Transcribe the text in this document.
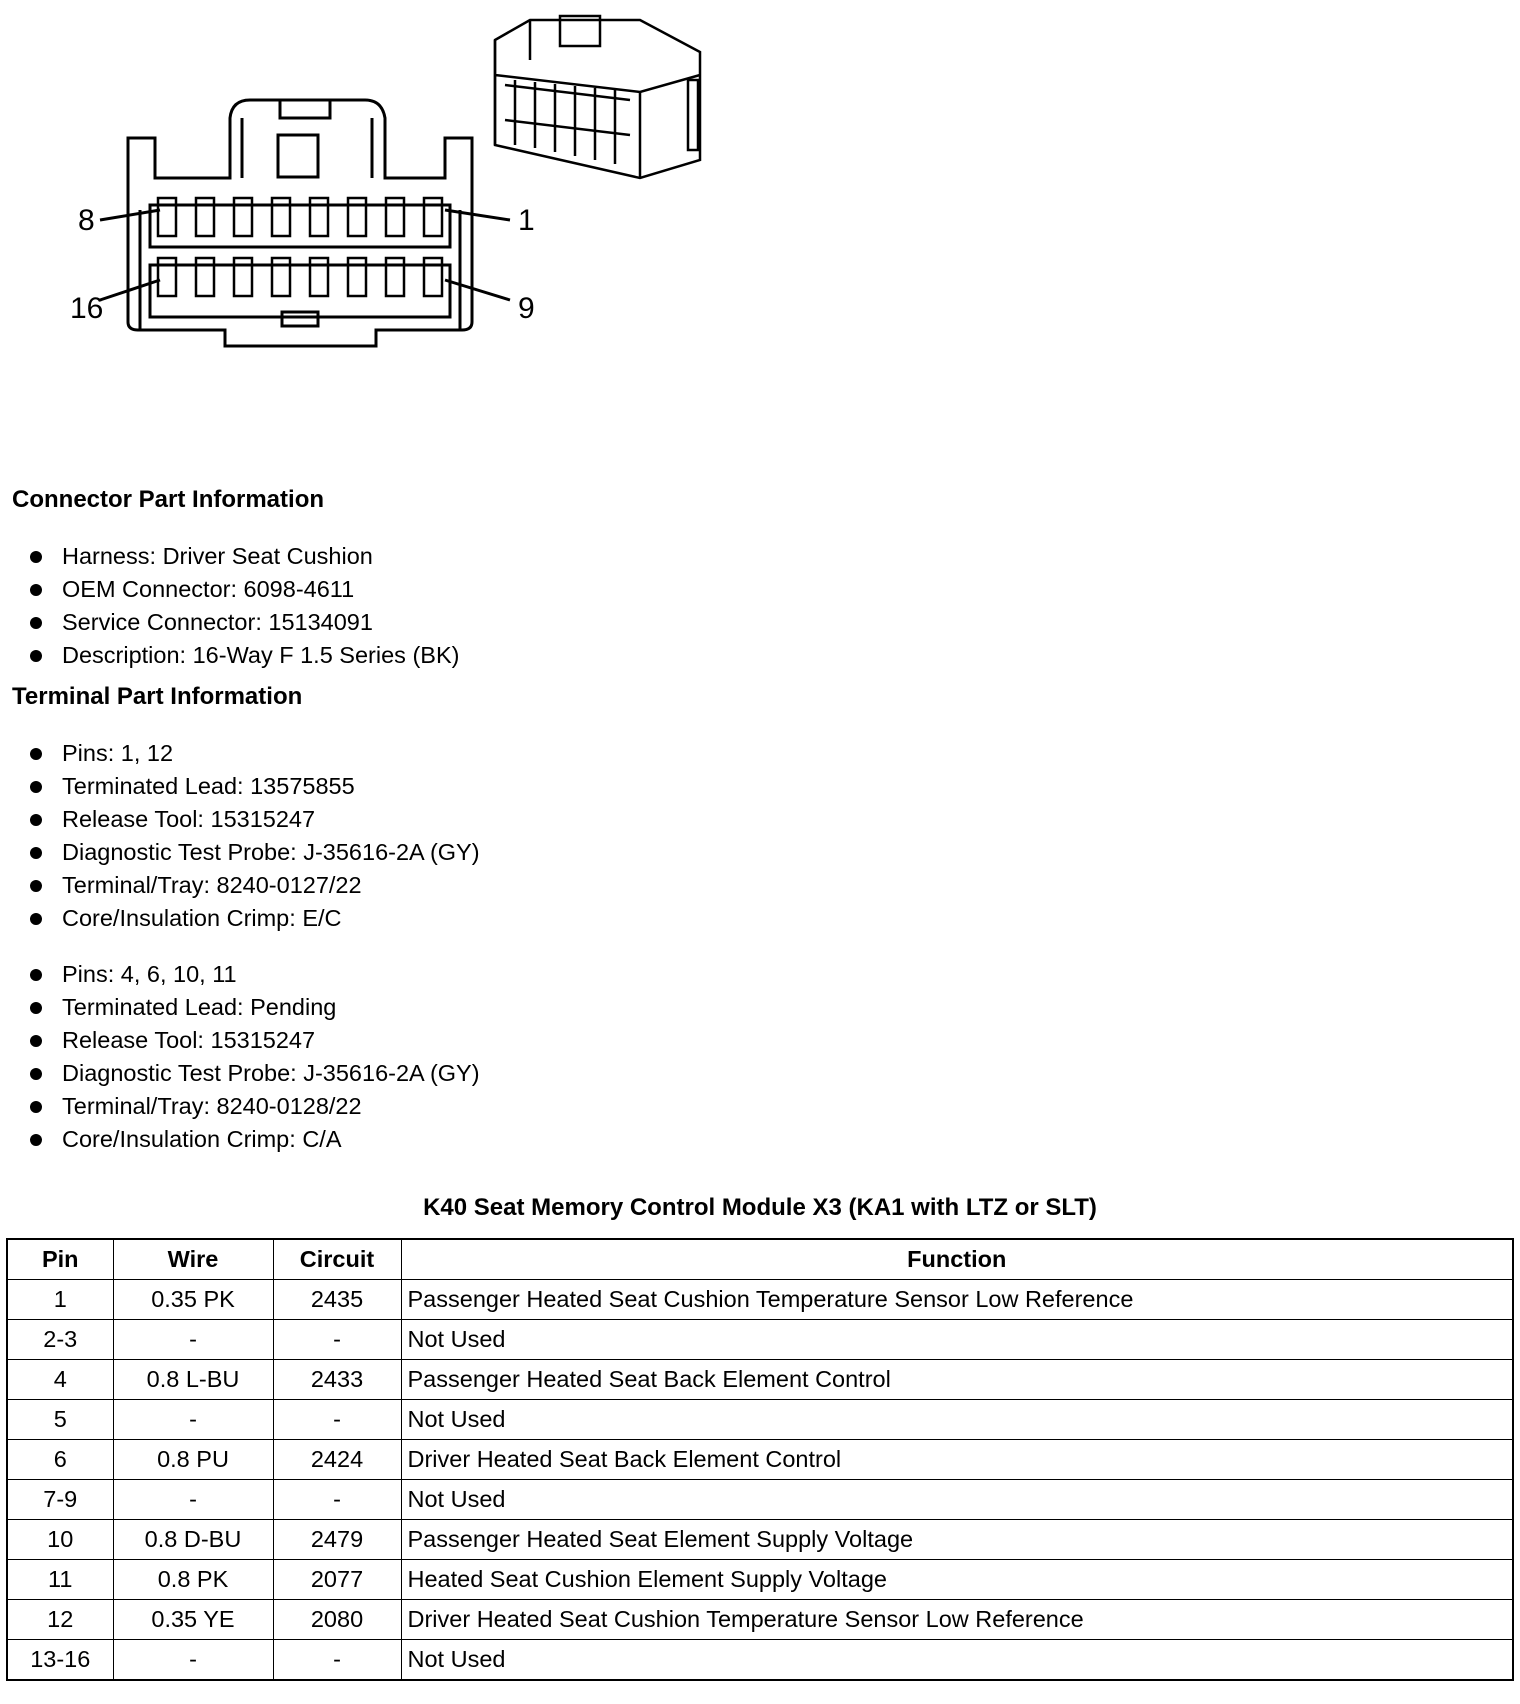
8	1
16	9
Connector Part Information
Harness: Driver Seat Cushion
OEM Connector: 6098-4611
Service Connector: 15134091
Description: 16-Way F 1.5 Series (BK)
Terminal Part Information
Pins: 1, 12
Terminated Lead: 13575855
Release Tool: 15315247
Diagnostic Test Probe: J-35616-2A (GY)
Terminal/Tray: 8240-0127/22
Core/Insulation Crimp: E/C
Pins: 4, 6, 10, 11
Terminated Lead: Pending
Release Tool: 15315247
Diagnostic Test Probe: J-35616-2A (GY)
Terminal/Tray: 8240-0128/22
Core/Insulation Crimp: C/A
K40 Seat Memory Control Module X3 (KA1 with LTZ or SLT)
Pin	Wire	Circuit	Function
1	0.35 PK	2435	Passenger Heated Seat Cushion Temperature Sensor Low Reference
2-3	-	-	Not Used
4	0.8 L-BU	2433	Passenger Heated Seat Back Element Control
5	-	-	Not Used
6	0.8 PU	2424	Driver Heated Seat Back Element Control
7-9	-	-	Not Used
10	0.8 D-BU	2479	Passenger Heated Seat Element Supply Voltage
11	0.8 PK	2077	Heated Seat Cushion Element Supply Voltage
12	0.35 YE	2080	Driver Heated Seat Cushion Temperature Sensor Low Reference
13-16	-	-	Not Used
